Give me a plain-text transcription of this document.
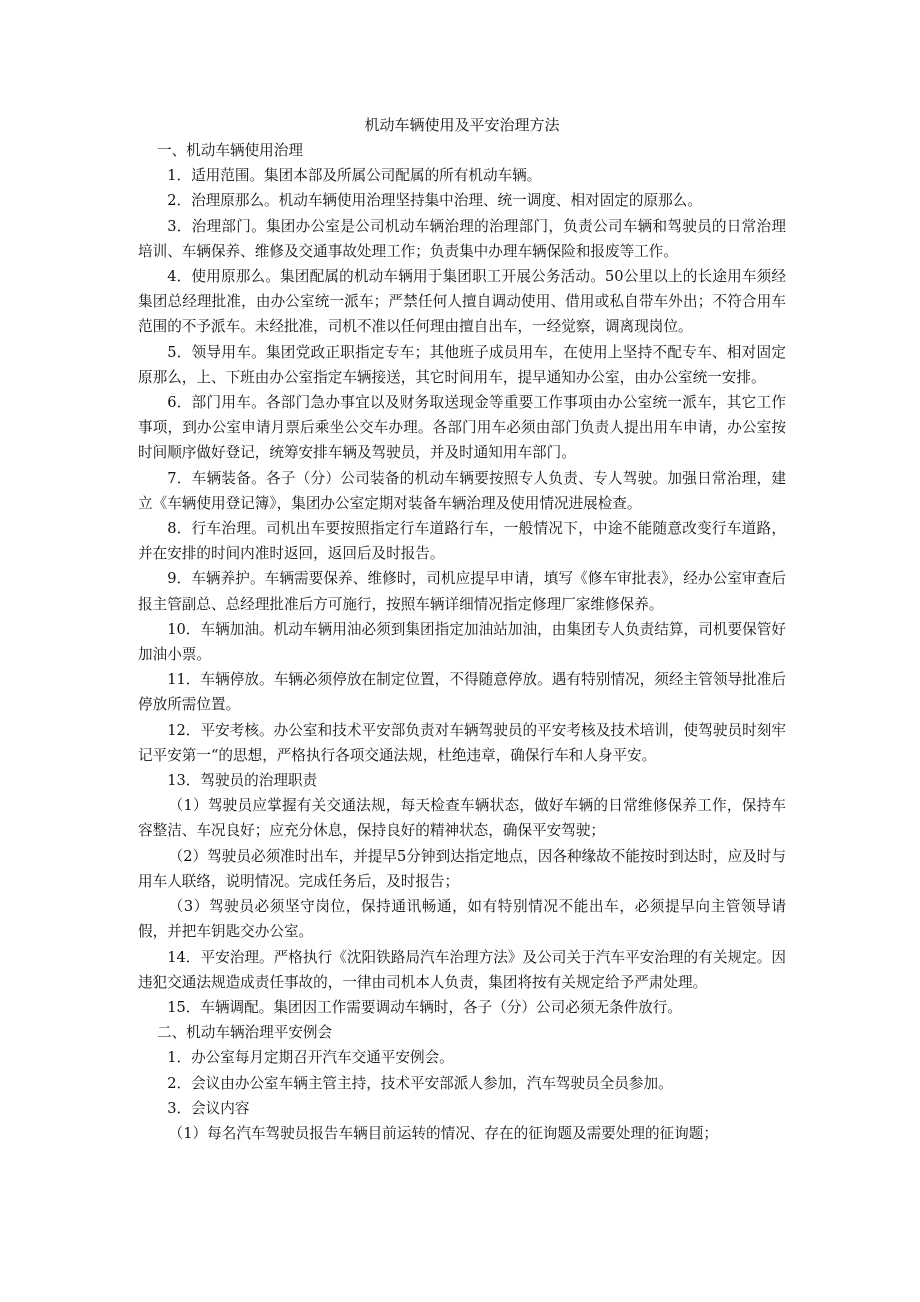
机动车辆使用及平安治理方法

一、机动车辆使用治理

1．适用范围。集团本部及所属公司配属的所有机动车辆。

2．治理原那么。机动车辆使用治理坚持集中治理、统一调度、相对固定的原那么。

3．治理部门。集团办公室是公司机动车辆治理的治理部门，负责公司车辆和驾驶员的日常治理培训、车辆保养、维修及交通事故处理工作；负责集中办理车辆保险和报废等工作。

4．使用原那么。集团配属的机动车辆用于集团职工开展公务活动。50公里以上的长途用车须经集团总经理批准，由办公室统一派车；严禁任何人擅自调动使用、借用或私自带车外出；不符合用车范围的不予派车。未经批准，司机不准以任何理由擅自出车，一经觉察，调离现岗位。

5．领导用车。集团党政正职指定专车；其他班子成员用车，在使用上坚持不配专车、相对固定原那么，上、下班由办公室指定车辆接送，其它时间用车，提早通知办公室，由办公室统一安排。

6．部门用车。各部门急办事宜以及财务取送现金等重要工作事项由办公室统一派车，其它工作事项，到办公室申请月票后乘坐公交车办理。各部门用车必须由部门负责人提出用车申请，办公室按时间顺序做好登记，统筹安排车辆及驾驶员，并及时通知用车部门。

7．车辆装备。各子（分）公司装备的机动车辆要按照专人负责、专人驾驶。加强日常治理，建立《车辆使用登记簿》，集团办公室定期对装备车辆治理及使用情况进展检查。

8．行车治理。司机出车要按照指定行车道路行车，一般情况下，中途不能随意改变行车道路，并在安排的时间内准时返回，返回后及时报告。

9．车辆养护。车辆需要保养、维修时，司机应提早申请，填写《修车审批表》，经办公室审查后报主管副总、总经理批准后方可施行，按照车辆详细情况指定修理厂家维修保养。

10．车辆加油。机动车辆用油必须到集团指定加油站加油，由集团专人负责结算，司机要保管好加油小票。

11．车辆停放。车辆必须停放在制定位置，不得随意停放。遇有特别情况，须经主管领导批准后停放所需位置。

12．平安考核。办公室和技术平安部负责对车辆驾驶员的平安考核及技术培训，使驾驶员时刻牢记平安第一“的思想，严格执行各项交通法规，杜绝违章，确保行车和人身平安。

13．驾驶员的治理职责

（1）驾驶员应掌握有关交通法规，每天检查车辆状态，做好车辆的日常维修保养工作，保持车容整洁、车况良好；应充分休息，保持良好的精神状态，确保平安驾驶；

（2）驾驶员必须准时出车，并提早5分钟到达指定地点，因各种缘故不能按时到达时，应及时与用车人联络，说明情况。完成任务后，及时报告；

（3）驾驶员必须坚守岗位，保持通讯畅通，如有特别情况不能出车，必须提早向主管领导请假，并把车钥匙交办公室。

14．平安治理。严格执行《沈阳铁路局汽车治理方法》及公司关于汽车平安治理的有关规定。因违犯交通法规造成责任事故的，一律由司机本人负责，集团将按有关规定给予严肃处理。

15．车辆调配。集团因工作需要调动车辆时，各子（分）公司必须无条件放行。

二、机动车辆治理平安例会

1．办公室每月定期召开汽车交通平安例会。

2．会议由办公室车辆主管主持，技术平安部派人参加，汽车驾驶员全员参加。

3．会议内容

（1）每名汽车驾驶员报告车辆目前运转的情况、存在的征询题及需要处理的征询题；
